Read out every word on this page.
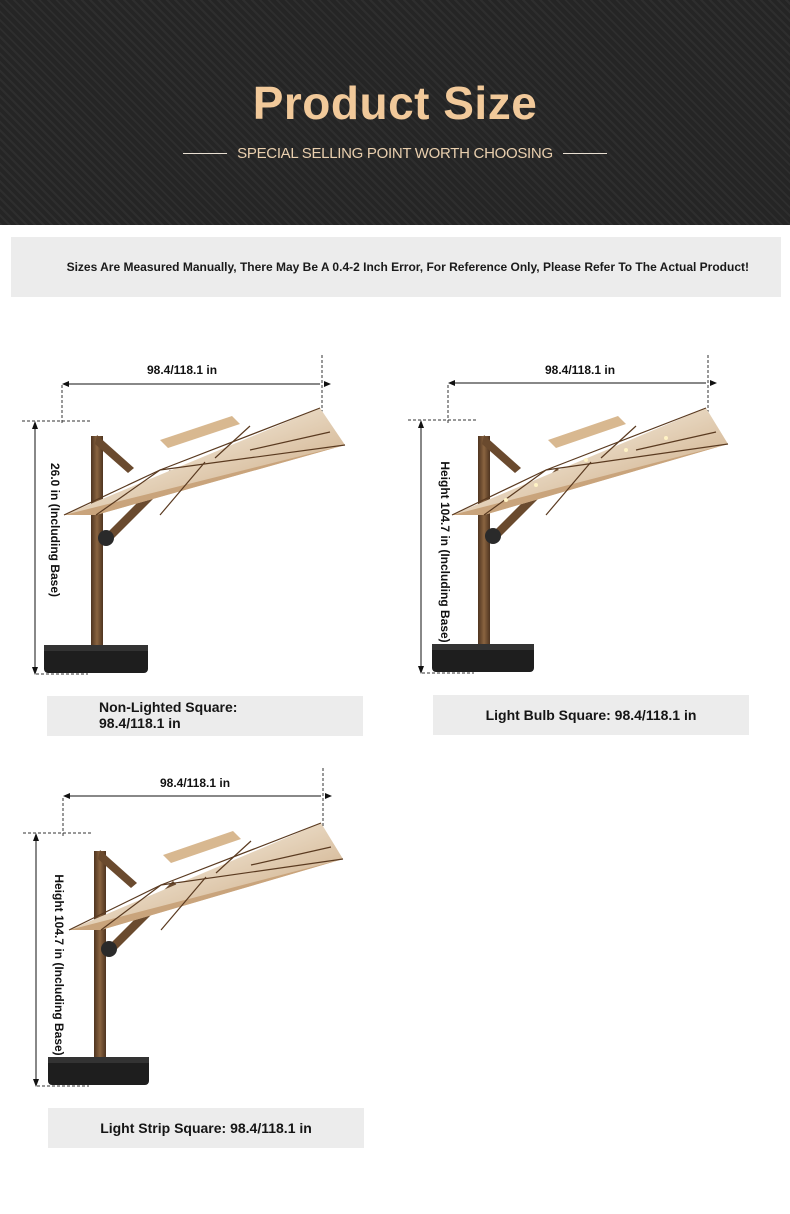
Product Size
SPECIAL SELLING POINT WORTH CHOOSING
Sizes Are Measured Manually, There May Be A 0.4-2 Inch Error, For Reference Only, Please Refer To The Actual Product!
98.4/118.1 in
26.0 in (Including Base)
Non-Lighted Square:
98.4/118.1 in
98.4/118.1 in
Height 104.7 in (Including Base)
Light Bulb Square: 98.4/118.1 in
98.4/118.1 in
Height 104.7 in (Including Base)
Light Strip Square: 98.4/118.1 in
